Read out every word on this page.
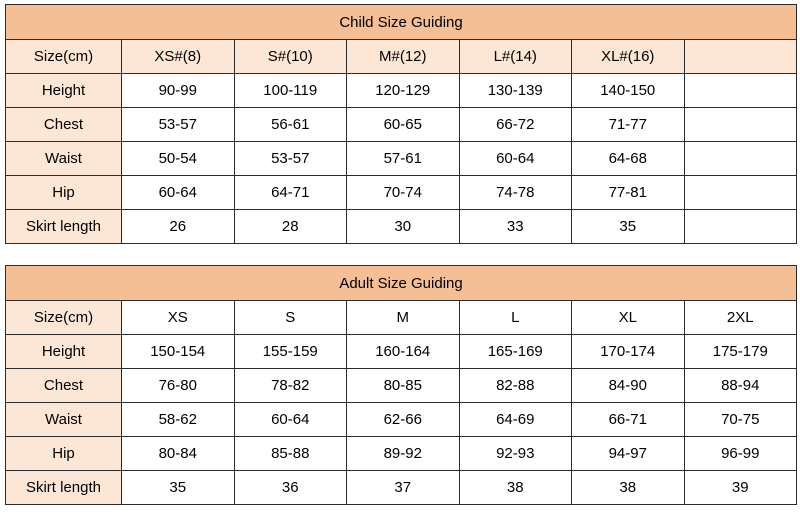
Child Size Guiding						
Size(cm)	XS#(8)	S#(10)	M#(12)	L#(14)	XL#(16)	
Height	90-99	100-119	120-129	130-139	140-150	
Chest	53-57	56-61	60-65	66-72	71-77	
Waist	50-54	53-57	57-61	60-64	64-68	
Hip	60-64	64-71	70-74	74-78	77-81	
Skirt length	26	28	30	33	35	
Adult Size Guiding						
Size(cm)	XS	S	M	L	XL	2XL
Height	150-154	155-159	160-164	165-169	170-174	175-179
Chest	76-80	78-82	80-85	82-88	84-90	88-94
Waist	58-62	60-64	62-66	64-69	66-71	70-75
Hip	80-84	85-88	89-92	92-93	94-97	96-99
Skirt length	35	36	37	38	38	39
